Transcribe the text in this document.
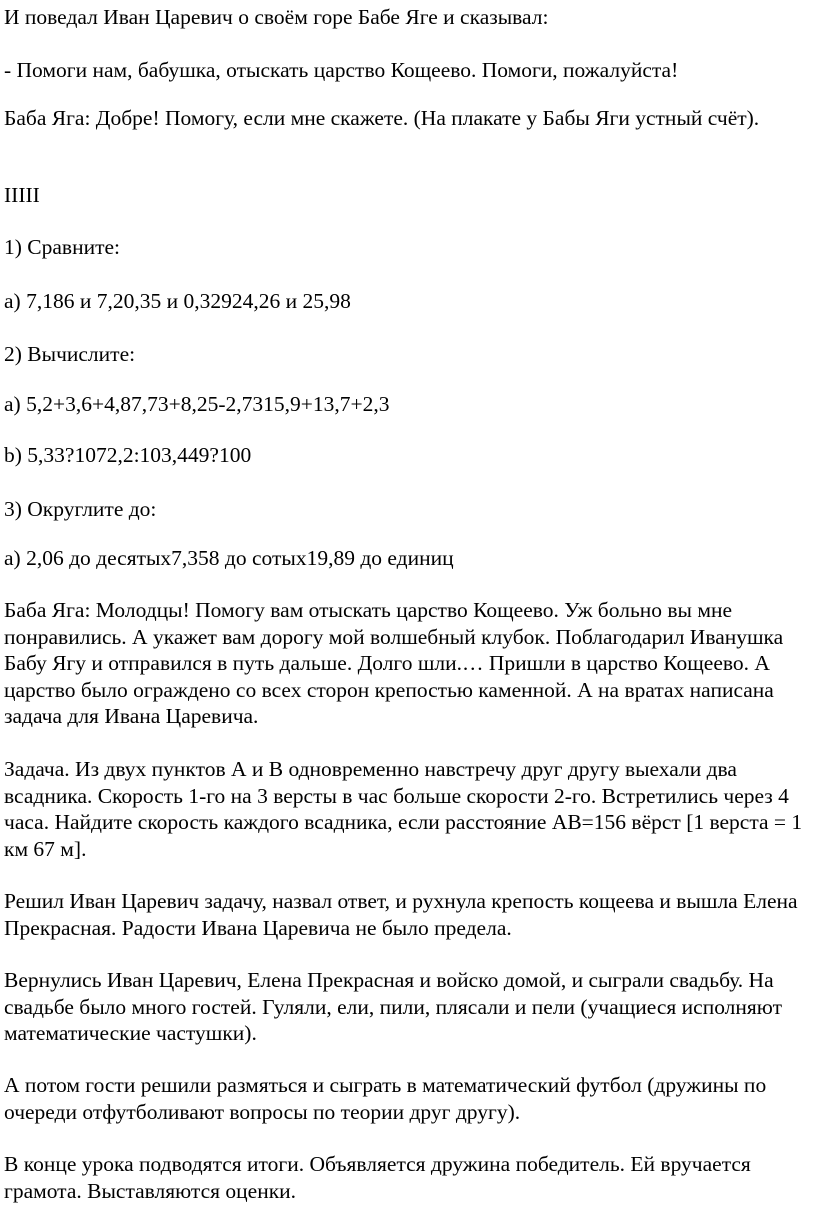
И поведал Иван Царевич о своём горе Бабе Яге и сказывал:

- Помоги нам, бабушка, отыскать царство Кощеево. Помоги, пожалуйста!

Баба Яга: Добре! Помогу, если мне скажете. (На плакате у Бабы Яги устный счёт).

IIIII

1) Сравните:

а) 7,186 и 7,20,35 и 0,32924,26 и 25,98

2) Вычислите:

а) 5,2+3,6+4,87,73+8,25-2,7315,9+13,7+2,3

b) 5,33?1072,2:103,449?100

3) Округлите до:

а) 2,06 до десятых7,358 до сотых19,89 до единиц

Баба Яга: Молодцы! Помогу вам отыскать царство Кощеево. Уж больно вы мне понравились. А укажет вам дорогу мой волшебный клубок. Поблагодарил Иванушка Бабу Ягу и отправился в путь дальше. Долго шли.… Пришли в царство Кощеево. А царство было ограждено со всех сторон крепостью каменной. А на вратах написана задача для Ивана Царевича.

Задача. Из двух пунктов А и В одновременно навстречу друг другу выехали два всадника. Скорость 1-го на 3 версты в час больше скорости 2-го. Встретились через 4 часа. Найдите скорость каждого всадника, если расстояние АВ=156 вёрст [1 верста = 1 км 67 м].

Решил Иван Царевич задачу, назвал ответ, и рухнула крепость кощеева и вышла Елена Прекрасная. Радости Ивана Царевича не было предела.

Вернулись Иван Царевич, Елена Прекрасная и войско домой, и сыграли свадьбу. На свадьбе было много гостей. Гуляли, ели, пили, плясали и пели (учащиеся исполняют математические частушки).

А потом гости решили размяться и сыграть в математический футбол (дружины по очереди отфутболивают вопросы по теории друг другу).

В конце урока подводятся итоги. Объявляется дружина победитель. Ей вручается грамота. Выставляются оценки.
